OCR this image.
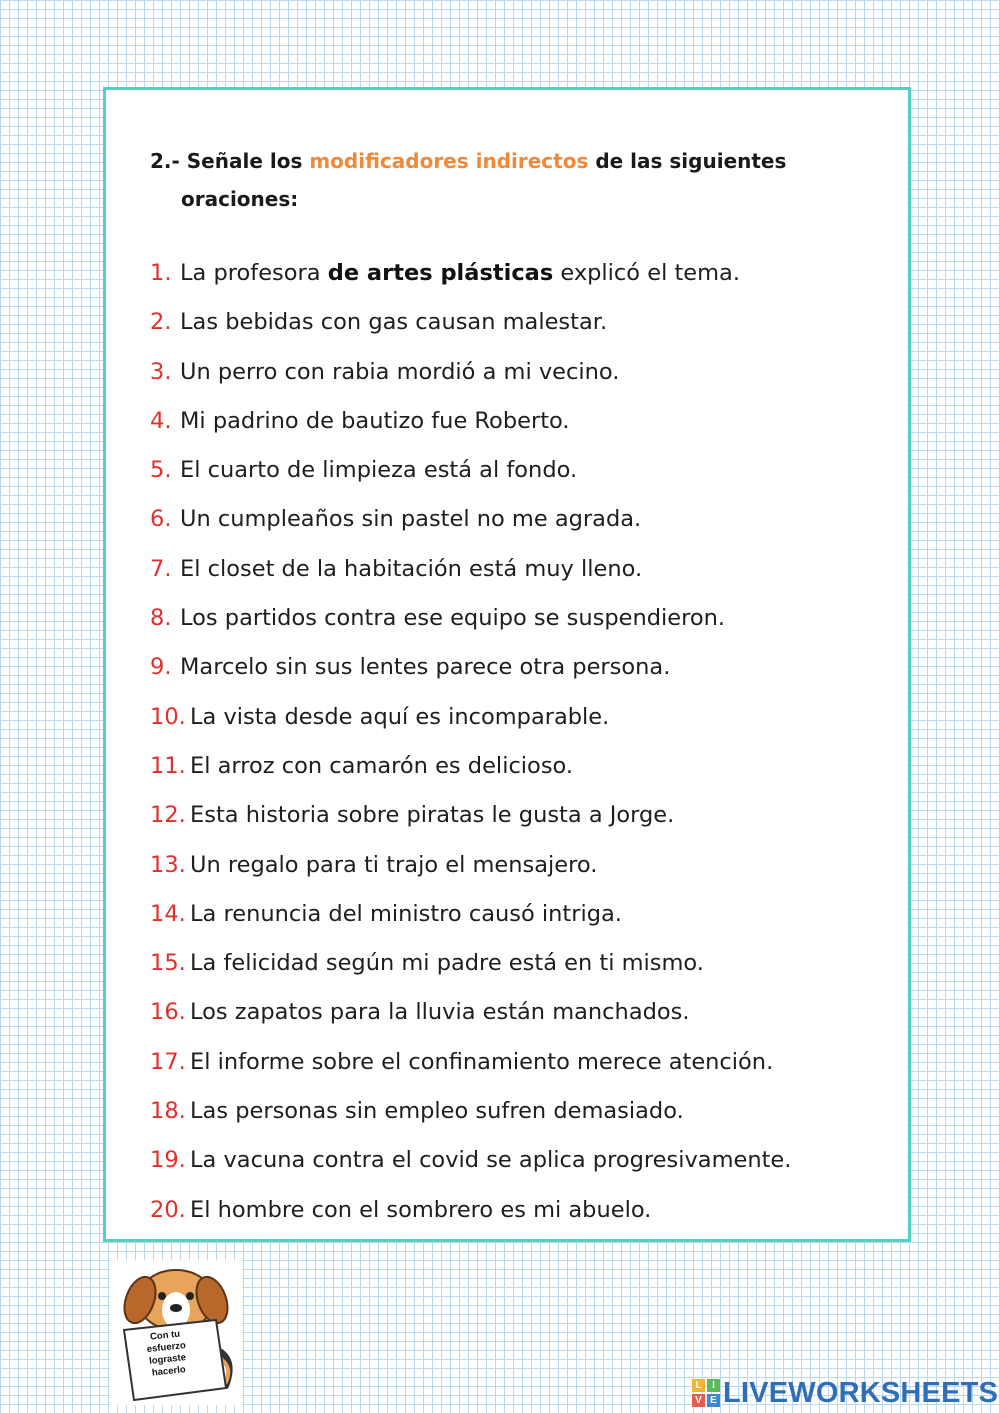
2.- Señale los modificadores indirectos de las siguientes
oraciones:
1. La profesora de artes plásticas explicó el tema.
2. Las bebidas con gas causan malestar.
3. Un perro con rabia mordió a mi vecino.
4. Mi padrino de bautizo fue Roberto.
5. El cuarto de limpieza está al fondo.
6. Un cumpleaños sin pastel no me agrada.
7. El closet de la habitación está muy lleno.
8. Los partidos contra ese equipo se suspendieron.
9. Marcelo sin sus lentes parece otra persona.
10. La vista desde aquí es incomparable.
11. El arroz con camarón es delicioso.
12. Esta historia sobre piratas le gusta a Jorge.
13. Un regalo para ti trajo el mensajero.
14. La renuncia del ministro causó intriga.
15. La felicidad según mi padre está en ti mismo.
16. Los zapatos para la lluvia están manchados.
17. El informe sobre el confinamiento merece atención.
18. Las personas sin empleo sufren demasiado.
19. La vacuna contra el covid se aplica progresivamente.
20. El hombre con el sombrero es mi abuelo.
Con tu
esfuerzo
lograste
hacerlo
L	I
V E LIVEWORKSHEETS
